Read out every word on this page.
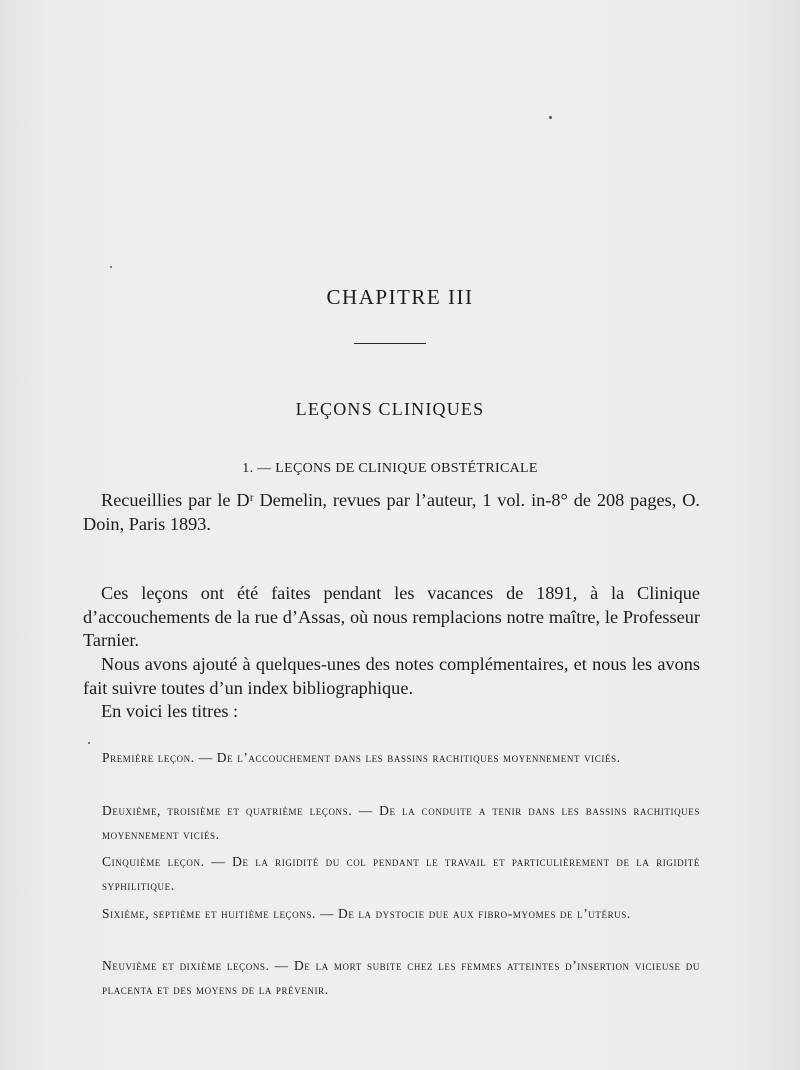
CHAPITRE III
LEÇONS CLINIQUES
1. — LEÇONS DE CLINIQUE OBSTÉTRICALE

Recueillies par le Dʳ Demelin, revues par l’auteur, 1 vol. in-8° de 208 pages, O. Doin, Paris 1893.

Ces leçons ont été faites pendant les vacances de 1891, à la Clinique d’accouchements de la rue d’Assas, où nous remplacions notre maître, le Professeur Tarnier.

Nous avons ajouté à quelques-unes des notes complémentaires, et nous les avons fait suivre toutes d’un index bibliographique.

En voici les titres :

Première leçon. — De l’accouchement dans les bassins rachitiques moyennement viciés.
Deuxième, troisième et quatrième leçons. — De la conduite a tenir dans les bassins rachitiques moyennement viciés.
Cinquième leçon. — De la rigidité du col pendant le travail et particulièrement de la rigidité syphilitique.
Sixième, septième et huitième leçons. — De la dystocie due aux fibro-myomes de l’utérus.
Neuvième et dixième leçons. — De la mort subite chez les femmes atteintes d’insertion vicieuse du placenta et des moyens de la prévenir.
